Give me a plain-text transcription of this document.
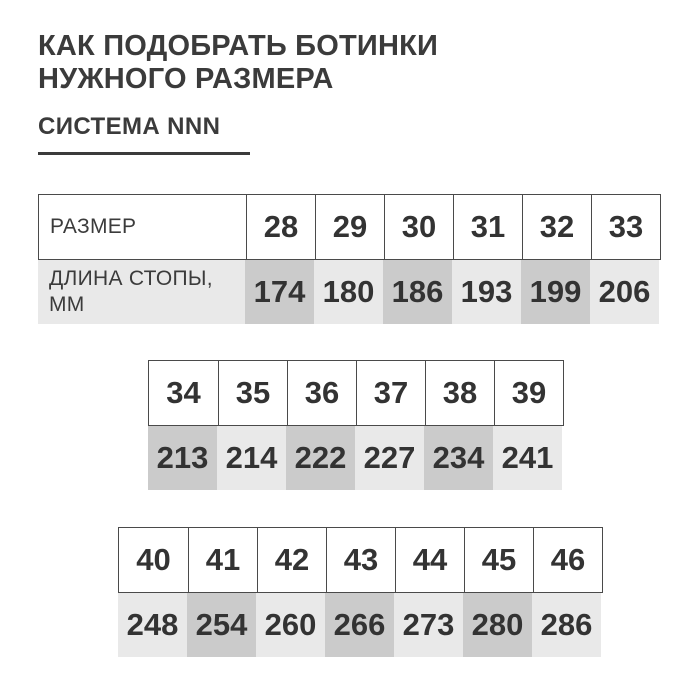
КАК ПОДОБРАТЬ БОТИНКИ
НУЖНОГО РАЗМЕРА
СИСТЕМА NNN
РАЗМЕР	28	29	30	31	32	33
ДЛИНА СТОПЫ,
ММ	174 180 186 193 199 206
34	35	36	37	38	39
213 214 222 227 234 241
40	41	42	43	44	45	46
248 254 260 266 273 280 286
